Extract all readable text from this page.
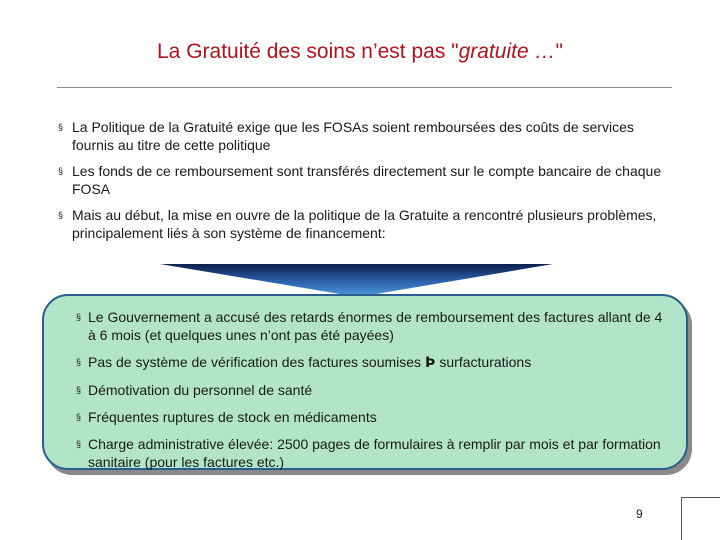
La Gratuité des soins n’est pas "gratuite …"
§ La Politique de la Gratuité exige que les FOSAs soient remboursées des coûts de services fournis au titre de cette politique
§ Les fonds de ce remboursement sont transférés directement sur le compte bancaire de chaque FOSA
§ Mais au début, la mise en ouvre de la politique de la Gratuite a rencontré plusieurs problèmes, principalement liés à son système de financement:
§ Le Gouvernement a accusé des retards énormes de remboursement des factures allant de 4 à 6 mois (et quelques unes n’ont pas été payées)
§ Pas de système de vérification des factures soumises Þ surfacturations
§ Démotivation du personnel de santé
§ Fréquentes ruptures de stock en médicaments
§ Charge administrative élevée: 2500 pages de formulaires à remplir par mois et par formation sanitaire (pour les factures etc.)
9
